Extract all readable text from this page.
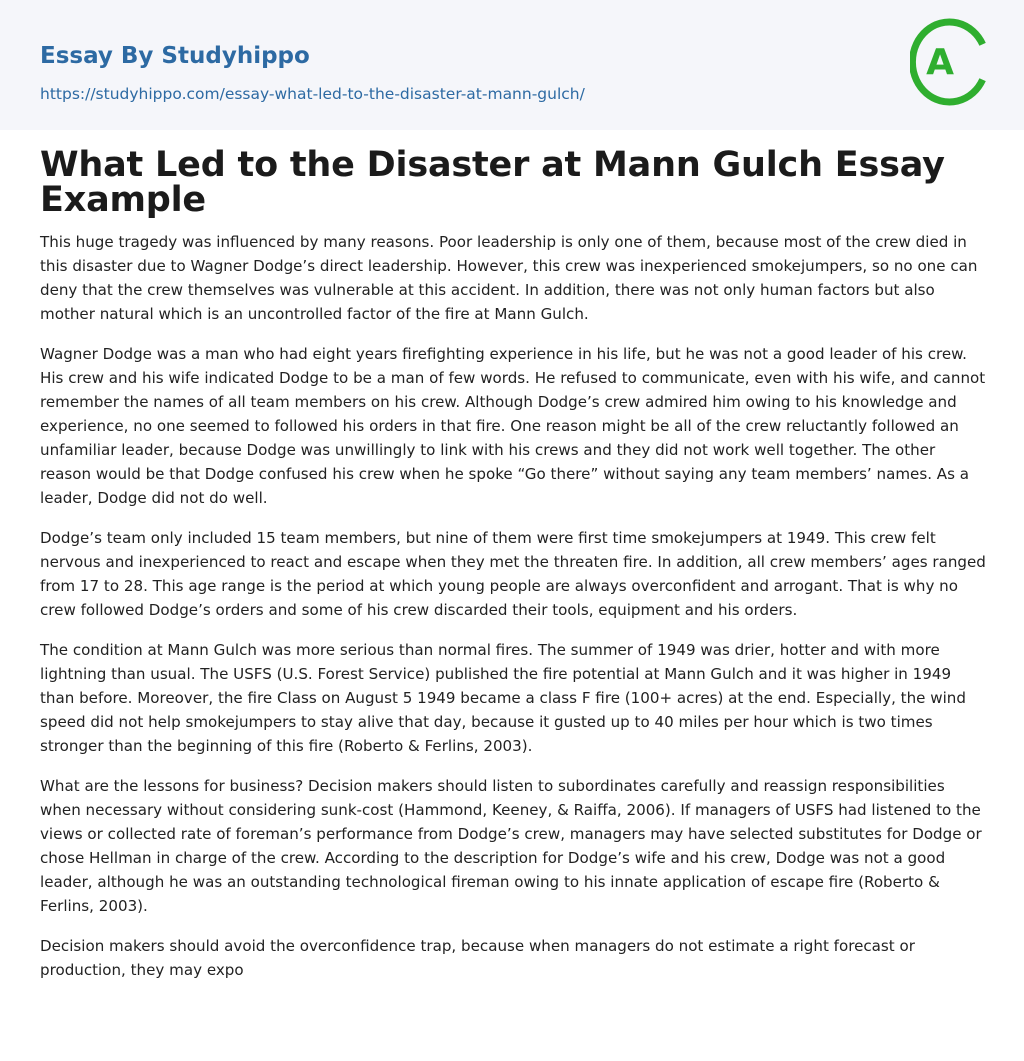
Essay By Studyhippo
https://studyhippo.com/essay-what-led-to-the-disaster-at-mann-gulch/
A
What Led to the Disaster at Mann Gulch Essay Example

This huge tragedy was influenced by many reasons. Poor leadership is only one of them, because most of the crew died in this disaster due to Wagner Dodge’s direct leadership. However, this crew was inexperienced smokejumpers, so no one can deny that the crew themselves was vulnerable at this accident. In addition, there was not only human factors but also mother natural which is an uncontrolled factor of the fire at Mann Gulch.

Wagner Dodge was a man who had eight years firefighting experience in his life, but he was not a good leader of his crew. His crew and his wife indicated Dodge to be a man of few words. He refused to communicate, even with his wife, and cannot remember the names of all team members on his crew. Although Dodge’s crew admired him owing to his knowledge and experience, no one seemed to followed his orders in that fire. One reason might be all of the crew reluctantly followed an unfamiliar leader, because Dodge was unwillingly to link with his crews and they did not work well together. The other reason would be that Dodge confused his crew when he spoke “Go there” without saying any team members’ names. As a leader, Dodge did not do well.

Dodge’s team only included 15 team members, but nine of them were first time smokejumpers at 1949. This crew felt nervous and inexperienced to react and escape when they met the threaten fire. In addition, all crew members’ ages ranged from 17 to 28. This age range is the period at which young people are always overconfident and arrogant. That is why no crew followed Dodge’s orders and some of his crew discarded their tools, equipment and his orders.

The condition at Mann Gulch was more serious than normal fires. The summer of 1949 was drier, hotter and with more lightning than usual. The USFS (U.S. Forest Service) published the fire potential at Mann Gulch and it was higher in 1949 than before. Moreover, the fire Class on August 5 1949 became a class F fire (100+ acres) at the end. Especially, the wind speed did not help smokejumpers to stay alive that day, because it gusted up to 40 miles per hour which is two times stronger than the beginning of this fire (Roberto & Ferlins, 2003).

What are the lessons for business? Decision makers should listen to subordinates carefully and reassign responsibilities when necessary without considering sunk-cost (Hammond, Keeney, & Raiffa, 2006). If managers of USFS had listened to the views or collected rate of foreman’s performance from Dodge’s crew, managers may have selected substitutes for Dodge or chose Hellman in charge of the crew. According to the description for Dodge’s wife and his crew, Dodge was not a good leader, although he was an outstanding technological fireman owing to his innate application of escape fire (Roberto & Ferlins, 2003).

Decision makers should avoid the overconfidence trap, because when managers do not estimate a right forecast or production, they may expo
